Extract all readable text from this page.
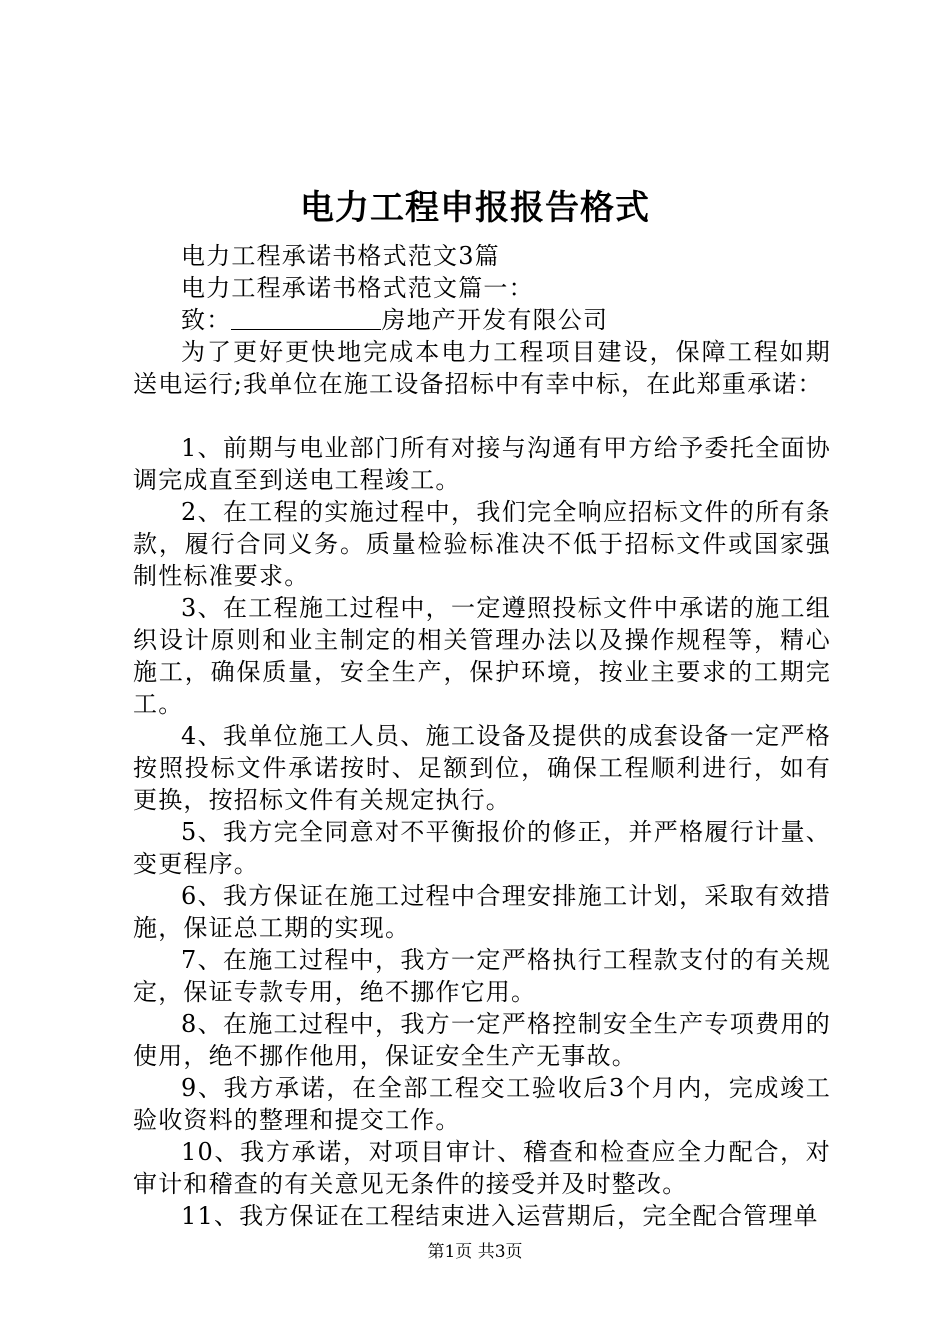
电力工程申报报告格式

电力工程承诺书格式范文3篇

电力工程承诺书格式范文篇一：

致：	房地产开发有限公司

为了更好更快地完成本电力工程项目建设，保障工程如期送电运行;我单位在施工设备招标中有幸中标，在此郑重承诺：

1、前期与电业部门所有对接与沟通有甲方给予委托全面协调完成直至到送电工程竣工。

2、在工程的实施过程中，我们完全响应招标文件的所有条款，履行合同义务。质量检验标准决不低于招标文件或国家强制性标准要求。

3、在工程施工过程中，一定遵照投标文件中承诺的施工组织设计原则和业主制定的相关管理办法以及操作规程等，精心施工，确保质量，安全生产，保护环境，按业主要求的工期完工。

4、我单位施工人员、施工设备及提供的成套设备一定严格按照投标文件承诺按时、足额到位，确保工程顺利进行，如有更换，按招标文件有关规定执行。

5、我方完全同意对不平衡报价的修正，并严格履行计量、变更程序。

6、我方保证在施工过程中合理安排施工计划，采取有效措施，保证总工期的实现。

7、在施工过程中，我方一定严格执行工程款支付的有关规定，保证专款专用，绝不挪作它用。

8、在施工过程中，我方一定严格控制安全生产专项费用的使用，绝不挪作他用，保证安全生产无事故。

9、我方承诺，在全部工程交工验收后3个月内，完成竣工验收资料的整理和提交工作。

10、我方承诺，对项目审计、稽查和检查应全力配合，对审计和稽查的有关意见无条件的接受并及时整改。

11、我方保证在工程结束进入运营期后，完全配合管理单

第1页 共3页
